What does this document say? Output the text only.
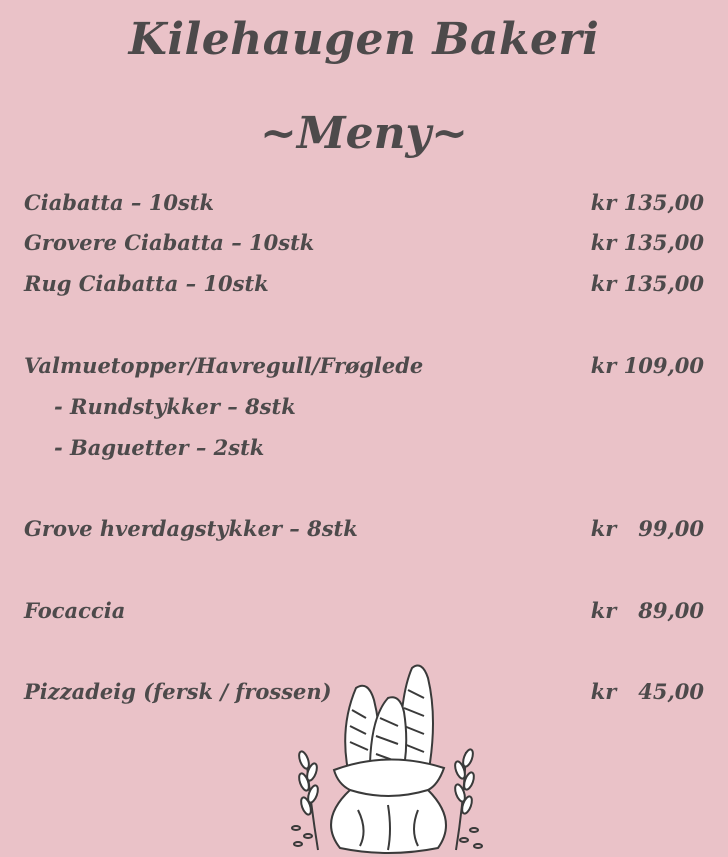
Kilehaugen Bakeri
~Meny~
Ciabatta – 10stk	kr 135,00
Grovere Ciabatta – 10stk	kr 135,00
Rug Ciabatta – 10stk	kr 135,00
Valmuetopper/Havregull/Frøglede	kr 109,00
- Rundstykker – 8stk
- Baguetter – 2stk
Grove hverdagstykker – 8stk	kr   99,00
Focaccia	kr   89,00
Pizzadeig (fersk / frossen)	kr   45,00
